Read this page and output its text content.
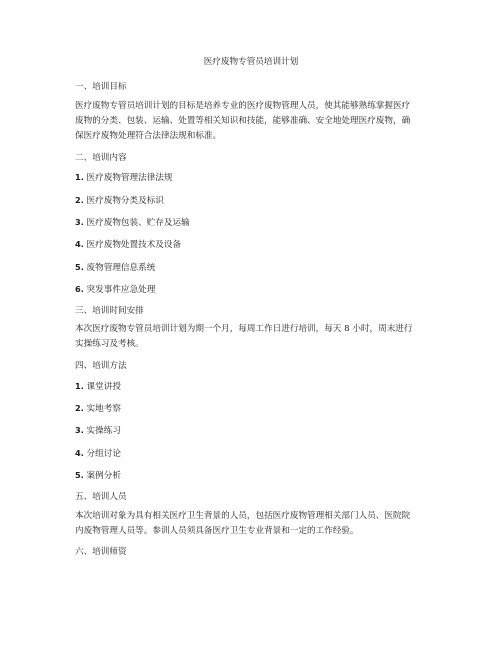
医疗废物专管员培训计划
一、培训目标
医疗废物专管员培训计划的目标是培养专业的医疗废物管理人员，使其能够熟练掌握医疗
废物的分类、包装、运输、处置等相关知识和技能，能够准确、安全地处理医疗废物，确
保医疗废物处理符合法律法规和标准。
二、培训内容
1. 医疗废物管理法律法规
2. 医疗废物分类及标识
3. 医疗废物包装、贮存及运输
4. 医疗废物处置技术及设备
5. 废物管理信息系统
6. 突发事件应急处理
三、培训时间安排
本次医疗废物专管员培训计划为期一个月，每周工作日进行培训，每天 8 小时，周末进行
实操练习及考核。
四、培训方法
1. 课堂讲授
2. 实地考察
3. 实操练习
4. 分组讨论
5. 案例分析
五、培训人员
本次培训对象为具有相关医疗卫生背景的人员，包括医疗废物管理相关部门人员、医院院
内废物管理人员等。参训人员须具备医疗卫生专业背景和一定的工作经验。
六、培训师资
